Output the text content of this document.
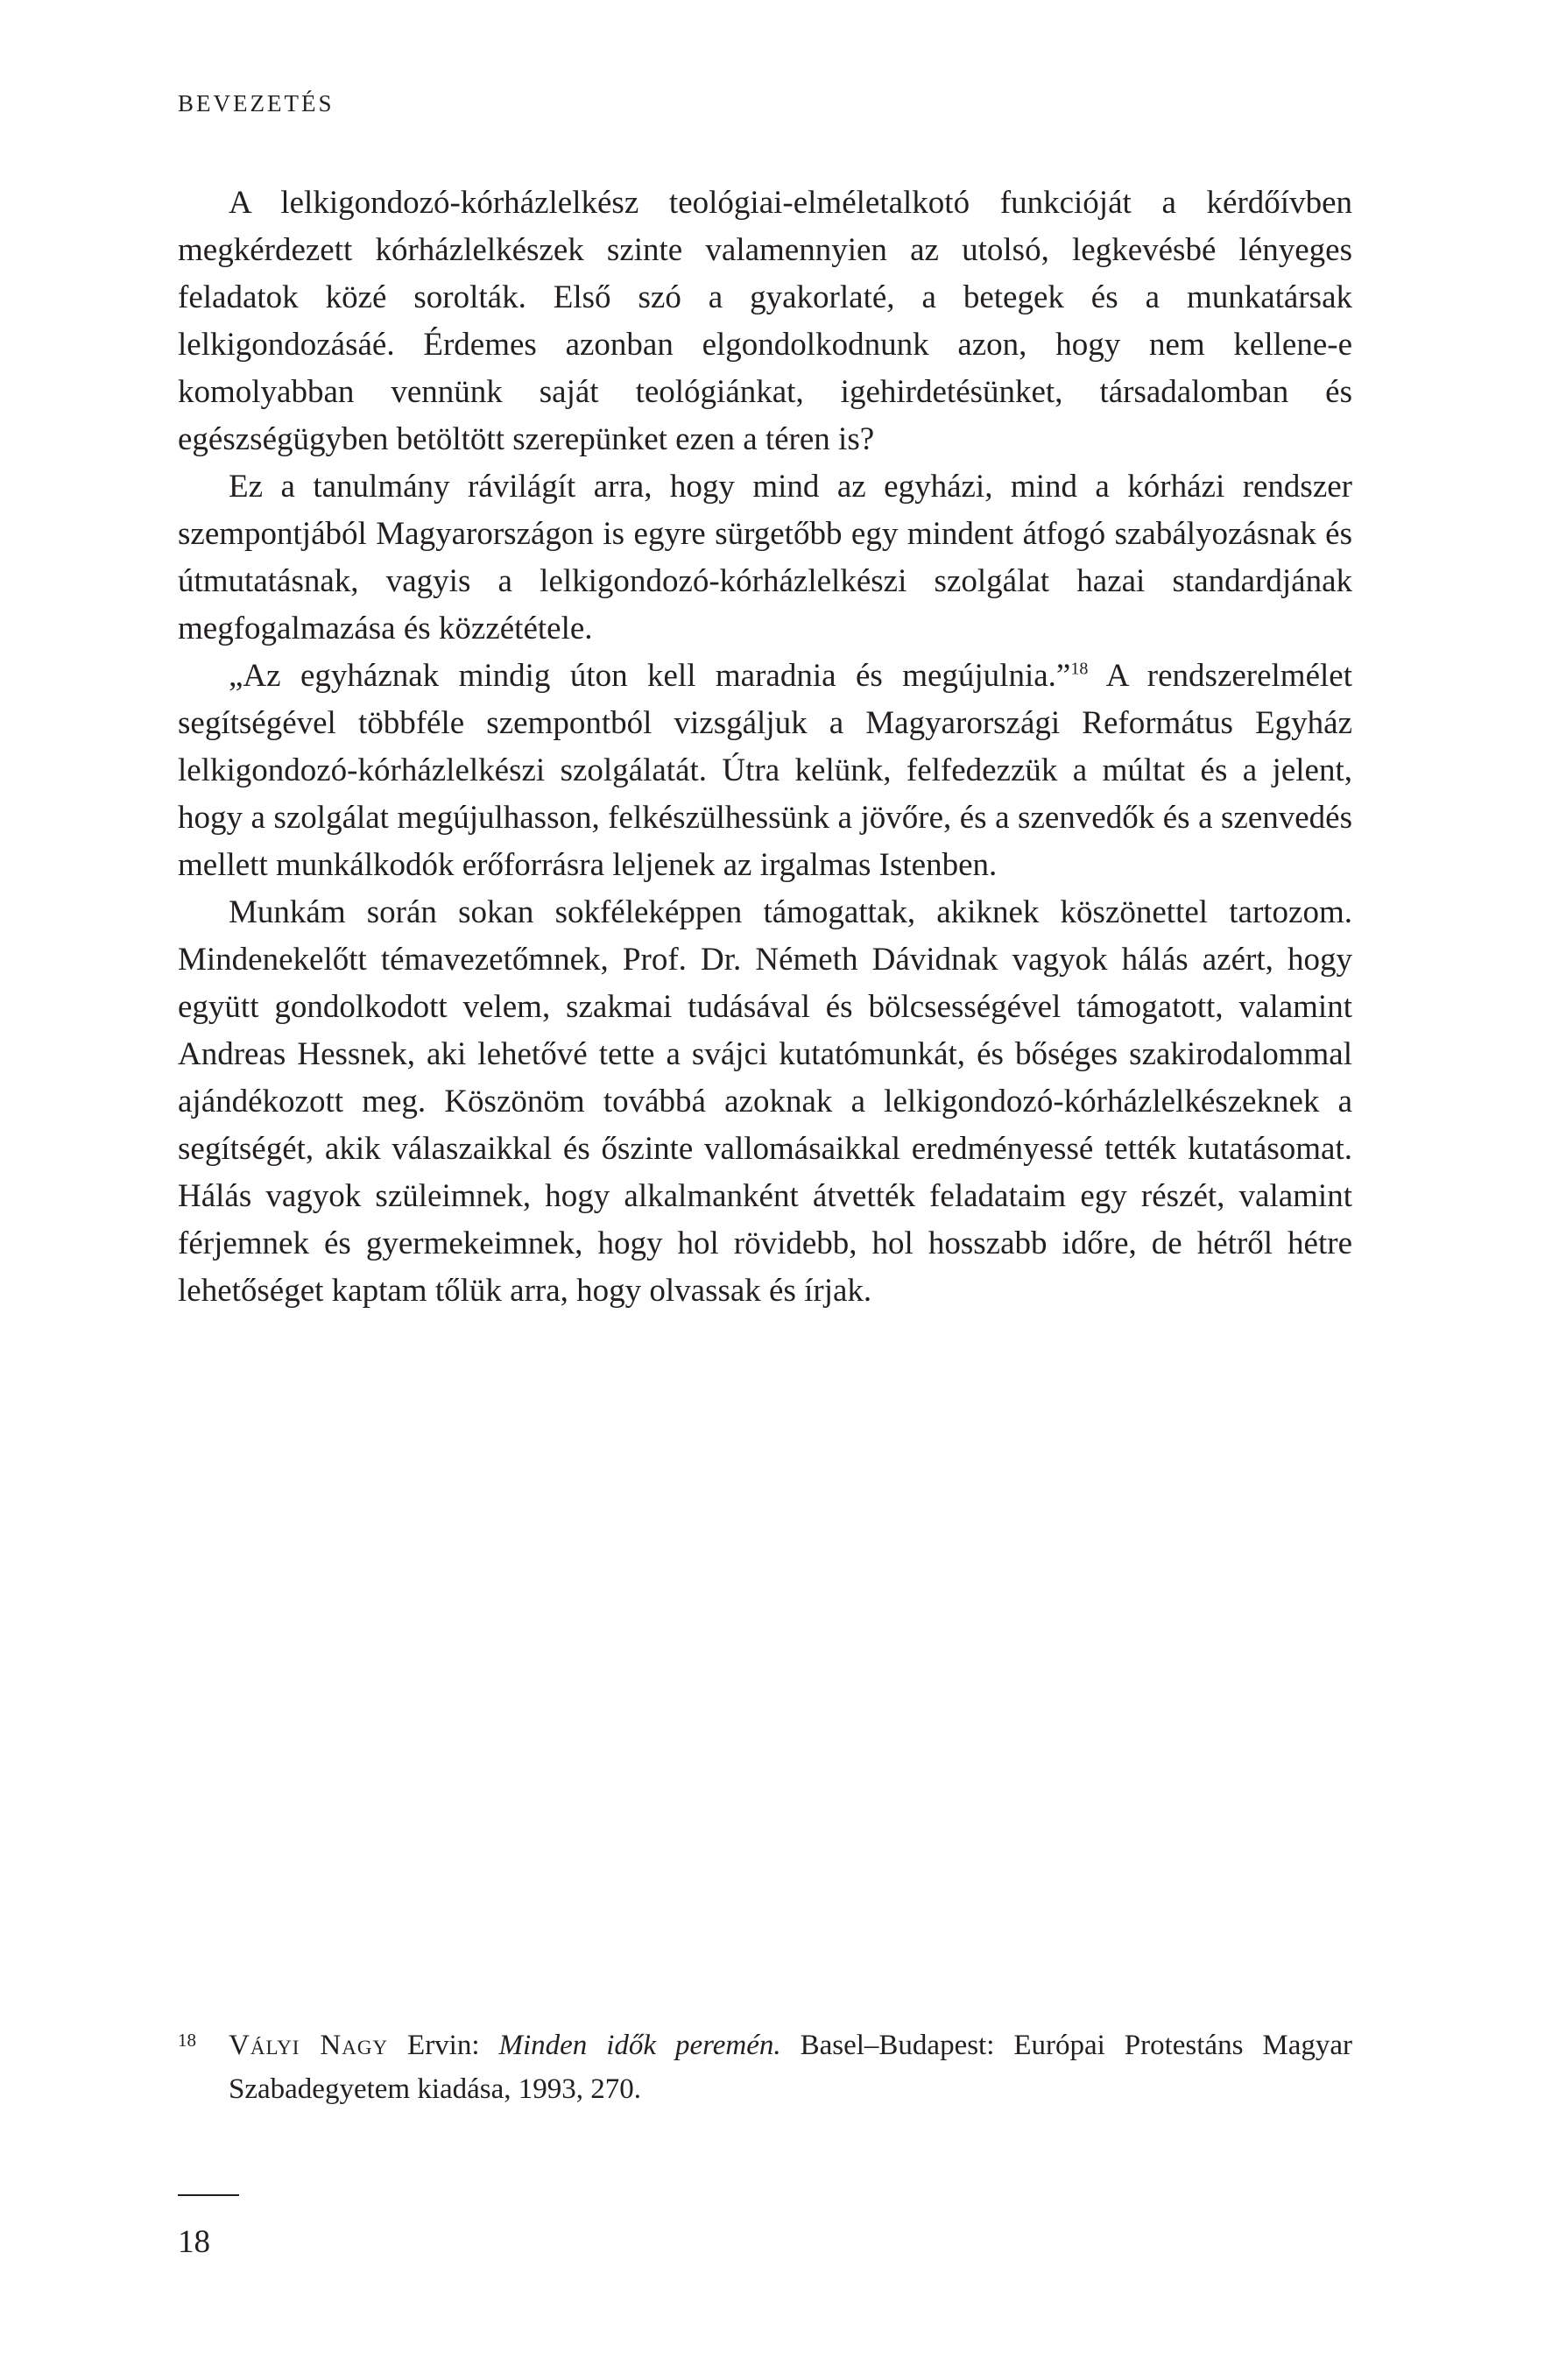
BEVEZETÉS

A lelkigondozó-kórházlelkész teológiai-elméletalkotó funkcióját a kérdőívben megkérdezett kórházlelkészek szinte valamennyien az utolsó, legkevésbé lényeges feladatok közé sorolták. Első szó a gyakorlaté, a betegek és a munkatársak lelkigondozásáé. Érdemes azonban elgondolkodnunk azon, hogy nem kellene-e komolyabban vennünk saját teológiánkat, igehirdetésünket, társadalomban és egészségügyben betöltött szerepünket ezen a téren is?

Ez a tanulmány rávilágít arra, hogy mind az egyházi, mind a kórházi rendszer szempontjából Magyarországon is egyre sürgetőbb egy mindent átfogó szabályozásnak és útmutatásnak, vagyis a lelkigondozó-kórházlelkészi szolgálat hazai standardjának megfogalmazása és közzététele.

„Az egyháznak mindig úton kell maradnia és megújulnia.”$^{18}$ A rendszerelmélet segítségével többféle szempontból vizsgáljuk a Magyarországi Református Egyház lelkigondozó-kórházlelkészi szolgálatát. Útra kelünk, felfedezzük a múltat és a jelent, hogy a szolgálat megújulhasson, felkészülhessünk a jövőre, és a szenvedők és a szenvedés mellett munkálkodók erőforrásra leljenek az irgalmas Istenben.

Munkám során sokan sokféleképpen támogattak, akiknek köszönettel tartozom. Mindenekelőtt témavezetőmnek, Prof. Dr. Németh Dávidnak vagyok hálás azért, hogy együtt gondolkodott velem, szakmai tudásával és bölcsességével támogatott, valamint Andreas Hessnek, aki lehetővé tette a svájci kutatómunkát, és bőséges szakirodalommal ajándékozott meg. Köszönöm továbbá azoknak a lelkigondozó-kórházlelkészeknek a segítségét, akik válaszaikkal és őszinte vallomásaikkal eredményessé tették kutatásomat. Hálás vagyok szüleimnek, hogy alkalmanként átvették feladataim egy részét, valamint férjemnek és gyermekeimnek, hogy hol rövidebb, hol hosszabb időre, de hétről hétre lehetőséget kaptam tőlük arra, hogy olvassak és írjak.

18 Vályi Nagy Ervin: Minden idők peremén. Basel–Budapest: Európai Protestáns Magyar Szabadegyetem kiadása, 1993, 270.

18
